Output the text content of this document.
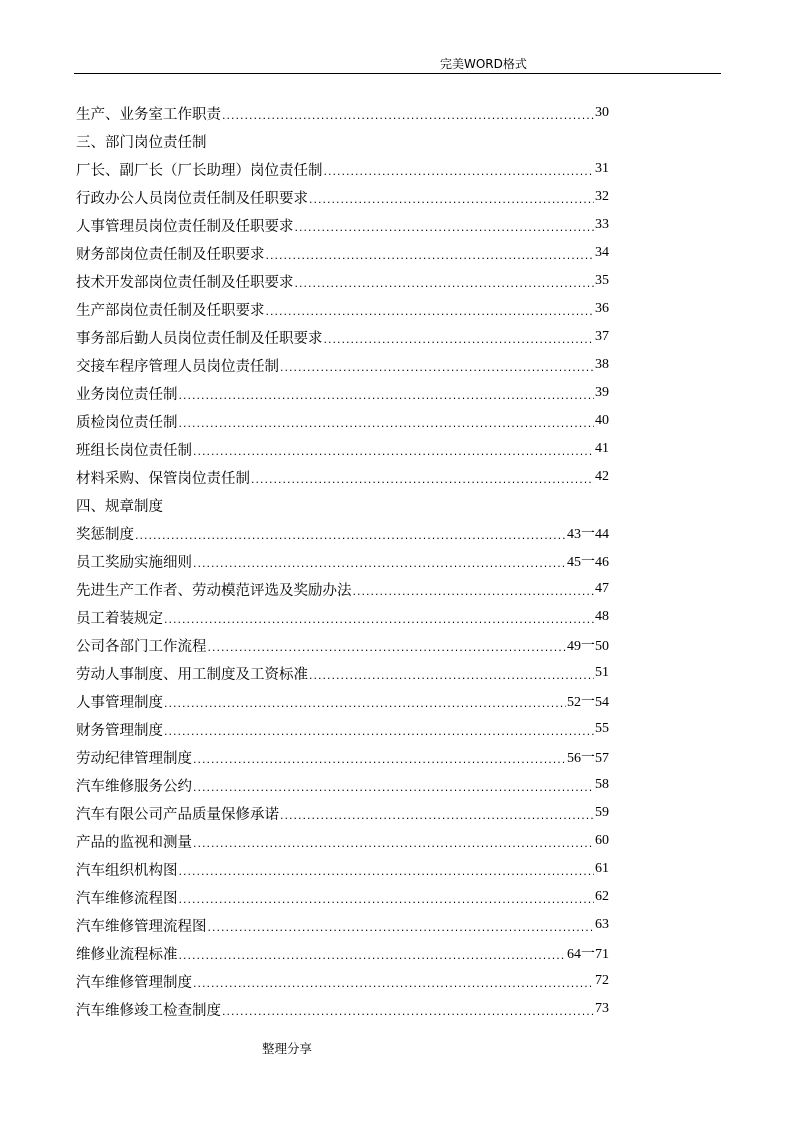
完美WORD格式
生产、业务室工作职责 .....	30
三、部门岗位责任制
厂长、副厂长（厂长助理）岗位责任制 .....	31
行政办公人员岗位责任制及任职要求 .....	32
人事管理员岗位责任制及任职要求 .....	33
财务部岗位责任制及任职要求 .....	34
技术开发部岗位责任制及任职要求 .....	35
生产部岗位责任制及任职要求 .....	36
事务部后勤人员岗位责任制及任职要求 .....	37
交接车程序管理人员岗位责任制 .....	38
业务岗位责任制 .....	39
质检岗位责任制 .....	40
班组长岗位责任制 .....	41
材料采购、保管岗位责任制 .....	42
四、规章制度
奖惩制度 .....	43一44
员工奖励实施细则 .....	45一46
先进生产工作者、劳动模范评选及奖励办法 .....	47
员工着装规定 .....	48
公司各部门工作流程 .....	49一50
劳动人事制度、用工制度及工资标准 .....	51
人事管理制度 .....	52一54
财务管理制度 .....	55
劳动纪律管理制度 .....	56一57
汽车维修服务公约 .....	58
汽车有限公司产品质量保修承诺 .....	59
产品的监视和测量 .....	60
汽车组织机构图 .....	61
汽车维修流程图 .....	62
汽车维修管理流程图 .....	63
维修业流程标准 .....	64一71
汽车维修管理制度 .....	72
汽车维修竣工检查制度 .....	73
整理分享
